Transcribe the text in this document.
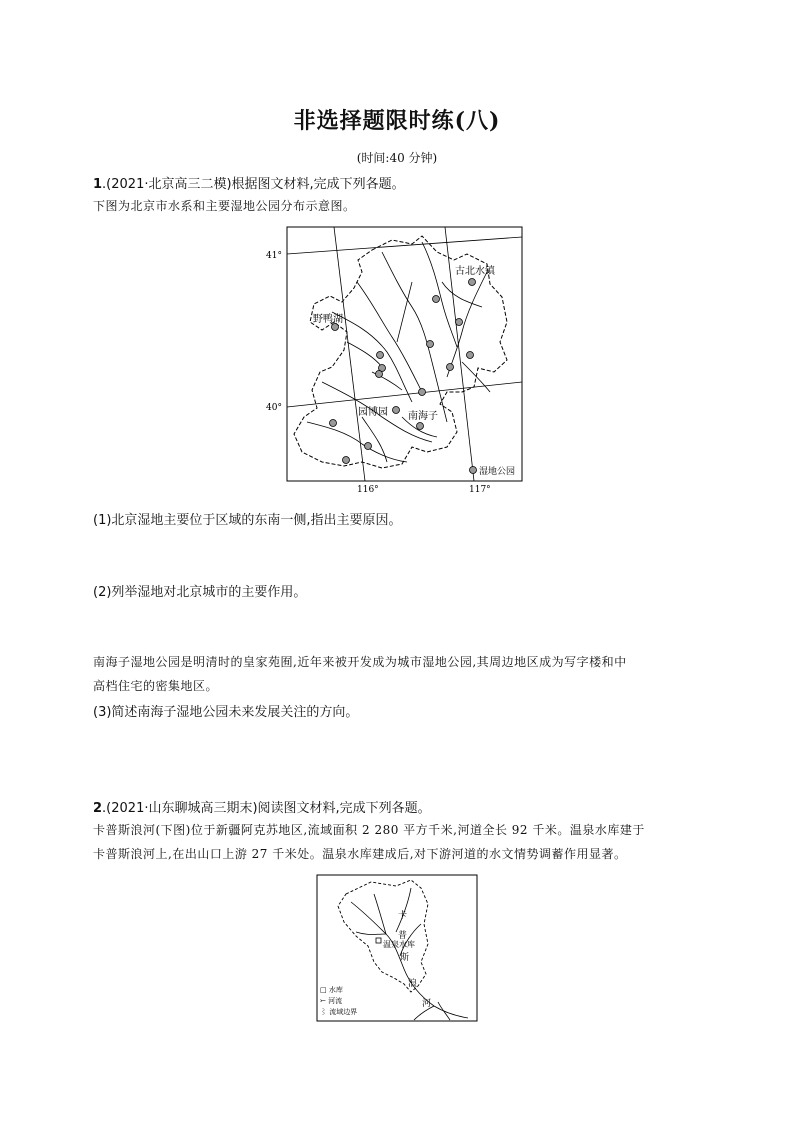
非选择题限时练(八)
(时间:40 分钟)
1.(2021·北京高三二模)根据图文材料,完成下列各题。
下图为北京市水系和主要湿地公园分布示意图。
41°
40°
116°	117°
古北水镇
野鸭湖
园博园 南海子
湿地公园
(1)北京湿地主要位于区域的东南一侧,指出主要原因。
(2)列举湿地对北京城市的主要作用。
南海子湿地公园是明清时的皇家苑囿,近年来被开发成为城市湿地公园,其周边地区成为写字楼和中
高档住宅的密集地区。
(3)简述南海子湿地公园未来发展关注的方向。
2.(2021·山东聊城高三期末)阅读图文材料,完成下列各题。
卡普斯浪河(下图)位于新疆阿克苏地区,流域面积 2 280 平方千米,河道全长 92 千米。温泉水库建于
卡普斯浪河上,在出山口上游 27 千米处。温泉水库建成后,对下游河道的水文情势调蓄作用显著。
卡
普
斯
浪
河
温泉水库
□ 水库
⤚ 河流
⌇ 流域边界
